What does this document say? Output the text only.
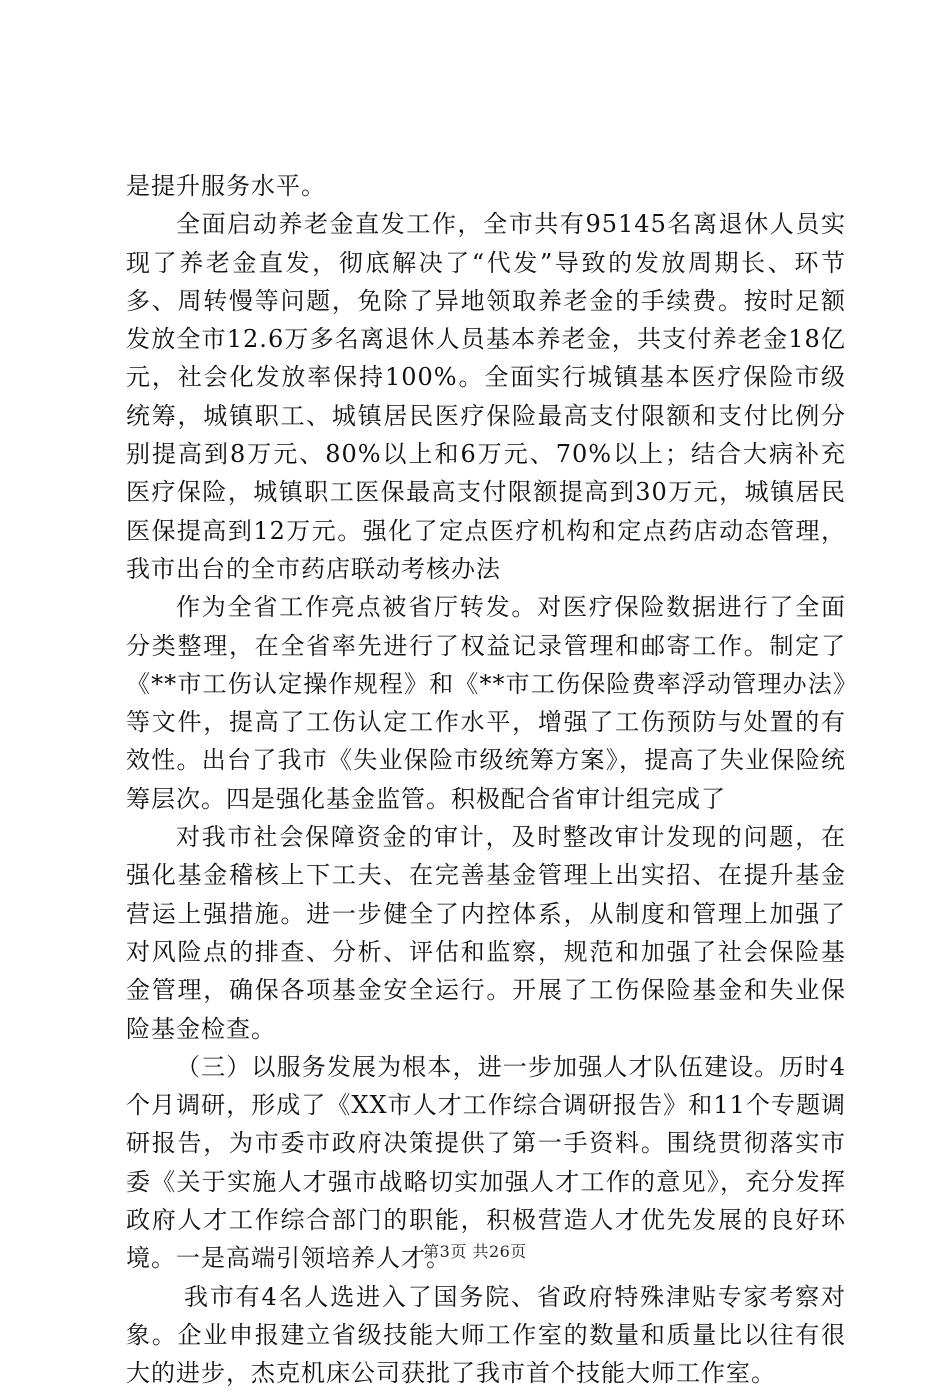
是提升服务水平。

全面启动养老金直发工作，全市共有95145名离退休人员实现了养老金直发，彻底解决了“代发”导致的发放周期长、环节多、周转慢等问题，免除了异地领取养老金的手续费。按时足额发放全市12.6万多名离退休人员基本养老金，共支付养老金18亿元，社会化发放率保持100%。全面实行城镇基本医疗保险市级统筹，城镇职工、城镇居民医疗保险最高支付限额和支付比例分别提高到8万元、80%以上和6万元、70%以上；结合大病补充医疗保险，城镇职工医保最高支付限额提高到30万元，城镇居民医保提高到12万元。强化了定点医疗机构和定点药店动态管理，我市出台的全市药店联动考核办法

作为全省工作亮点被省厅转发。对医疗保险数据进行了全面分类整理，在全省率先进行了权益记录管理和邮寄工作。制定了《**市工伤认定操作规程》和《**市工伤保险费率浮动管理办法》等文件，提高了工伤认定工作水平，增强了工伤预防与处置的有效性。出台了我市《失业保险市级统筹方案》，提高了失业保险统筹层次。四是强化基金监管。积极配合省审计组完成了

对我市社会保障资金的审计，及时整改审计发现的问题，在强化基金稽核上下工夫、在完善基金管理上出实招、在提升基金营运上强措施。进一步健全了内控体系，从制度和管理上加强了对风险点的排查、分析、评估和监察，规范和加强了社会保险基金管理，确保各项基金安全运行。开展了工伤保险基金和失业保险基金检查。

（三）以服务发展为根本，进一步加强人才队伍建设。历时4个月调研，形成了《XX市人才工作综合调研报告》和11个专题调研报告，为市委市政府决策提供了第一手资料。围绕贯彻落实市委《关于实施人才强市战略切实加强人才工作的意见》，充分发挥政府人才工作综合部门的职能，积极营造人才优先发展的良好环境。一是高端引领培养人才。

我市有4名人选进入了国务院、省政府特殊津贴专家考察对象。企业申报建立省级技能大师工作室的数量和质量比以往有很大的进步，杰克机床公司获批了我市首个技能大师工作室。

第3页 共26页
